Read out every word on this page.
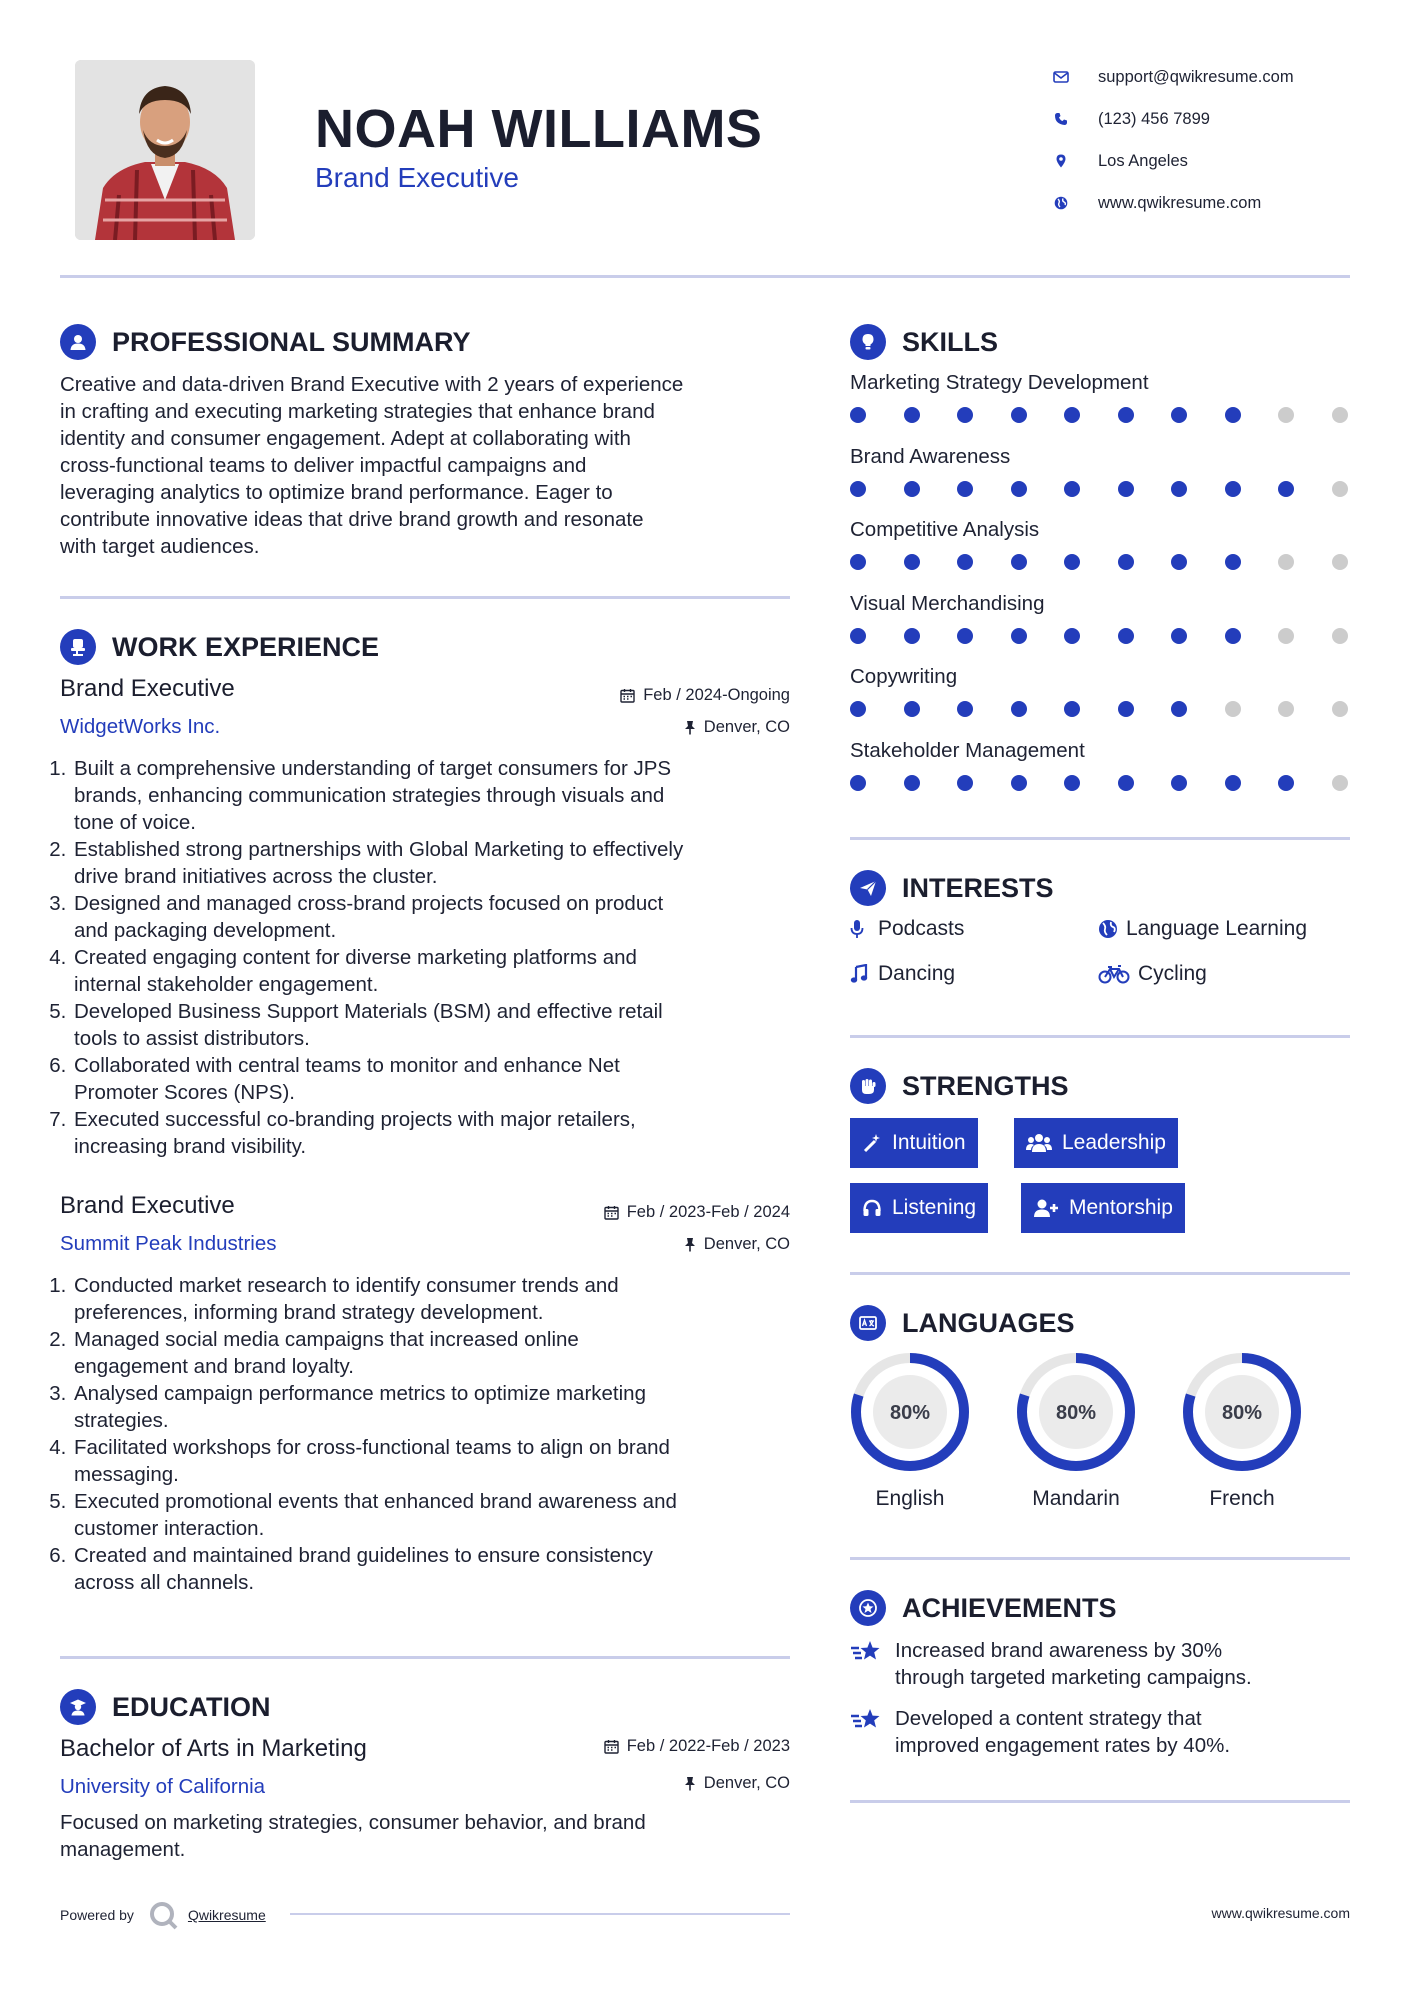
NOAH WILLIAMS
Brand Executive
support@qwikresume.com
(123) 456 7899
Los Angeles
www.qwikresume.com
PROFESSIONAL SUMMARY
Creative and data-driven Brand Executive with 2 years of experience
in crafting and executing marketing strategies that enhance brand
identity and consumer engagement. Adept at collaborating with
cross-functional teams to deliver impactful campaigns and
leveraging analytics to optimize brand performance. Eager to
contribute innovative ideas that drive brand growth and resonate
with target audiences.
WORK EXPERIENCE
Brand Executive	Feb / 2024-Ongoing
WidgetWorks Inc.	Denver, CO
1. Built a comprehensive understanding of target consumers for JPS
brands, enhancing communication strategies through visuals and
tone of voice.
2. Established strong partnerships with Global Marketing to effectively
drive brand initiatives across the cluster.
3. Designed and managed cross-brand projects focused on product
and packaging development.
4. Created engaging content for diverse marketing platforms and
internal stakeholder engagement.
5. Developed Business Support Materials (BSM) and effective retail
tools to assist distributors.
6. Collaborated with central teams to monitor and enhance Net
Promoter Scores (NPS).
7. Executed successful co-branding projects with major retailers,
increasing brand visibility.
Brand Executive	Feb / 2023-Feb / 2024
Summit Peak Industries	Denver, CO
1. Conducted market research to identify consumer trends and
preferences, informing brand strategy development.
2. Managed social media campaigns that increased online
engagement and brand loyalty.
3. Analysed campaign performance metrics to optimize marketing
strategies.
4. Facilitated workshops for cross-functional teams to align on brand
messaging.
5. Executed promotional events that enhanced brand awareness and
customer interaction.
6. Created and maintained brand guidelines to ensure consistency
across all channels.
EDUCATION
Bachelor of Arts in Marketing	Feb / 2022-Feb / 2023
University of California	Denver, CO
Focused on marketing strategies, consumer behavior, and brand
management.
Powered by	Qwikresume	www.qwikresume.com
SKILLS
Marketing Strategy Development
Brand Awareness
Competitive Analysis
Visual Merchandising
Copywriting
Stakeholder Management
INTERESTS
Podcasts	Language Learning
Dancing	Cycling
STRENGTHS
Intuition	Leadership
Listening	Mentorship
LANGUAGES
80%
English
80%
Mandarin
80%
French
ACHIEVEMENTS
Increased brand awareness by 30%
through targeted marketing campaigns.
Developed a content strategy that
improved engagement rates by 40%.
